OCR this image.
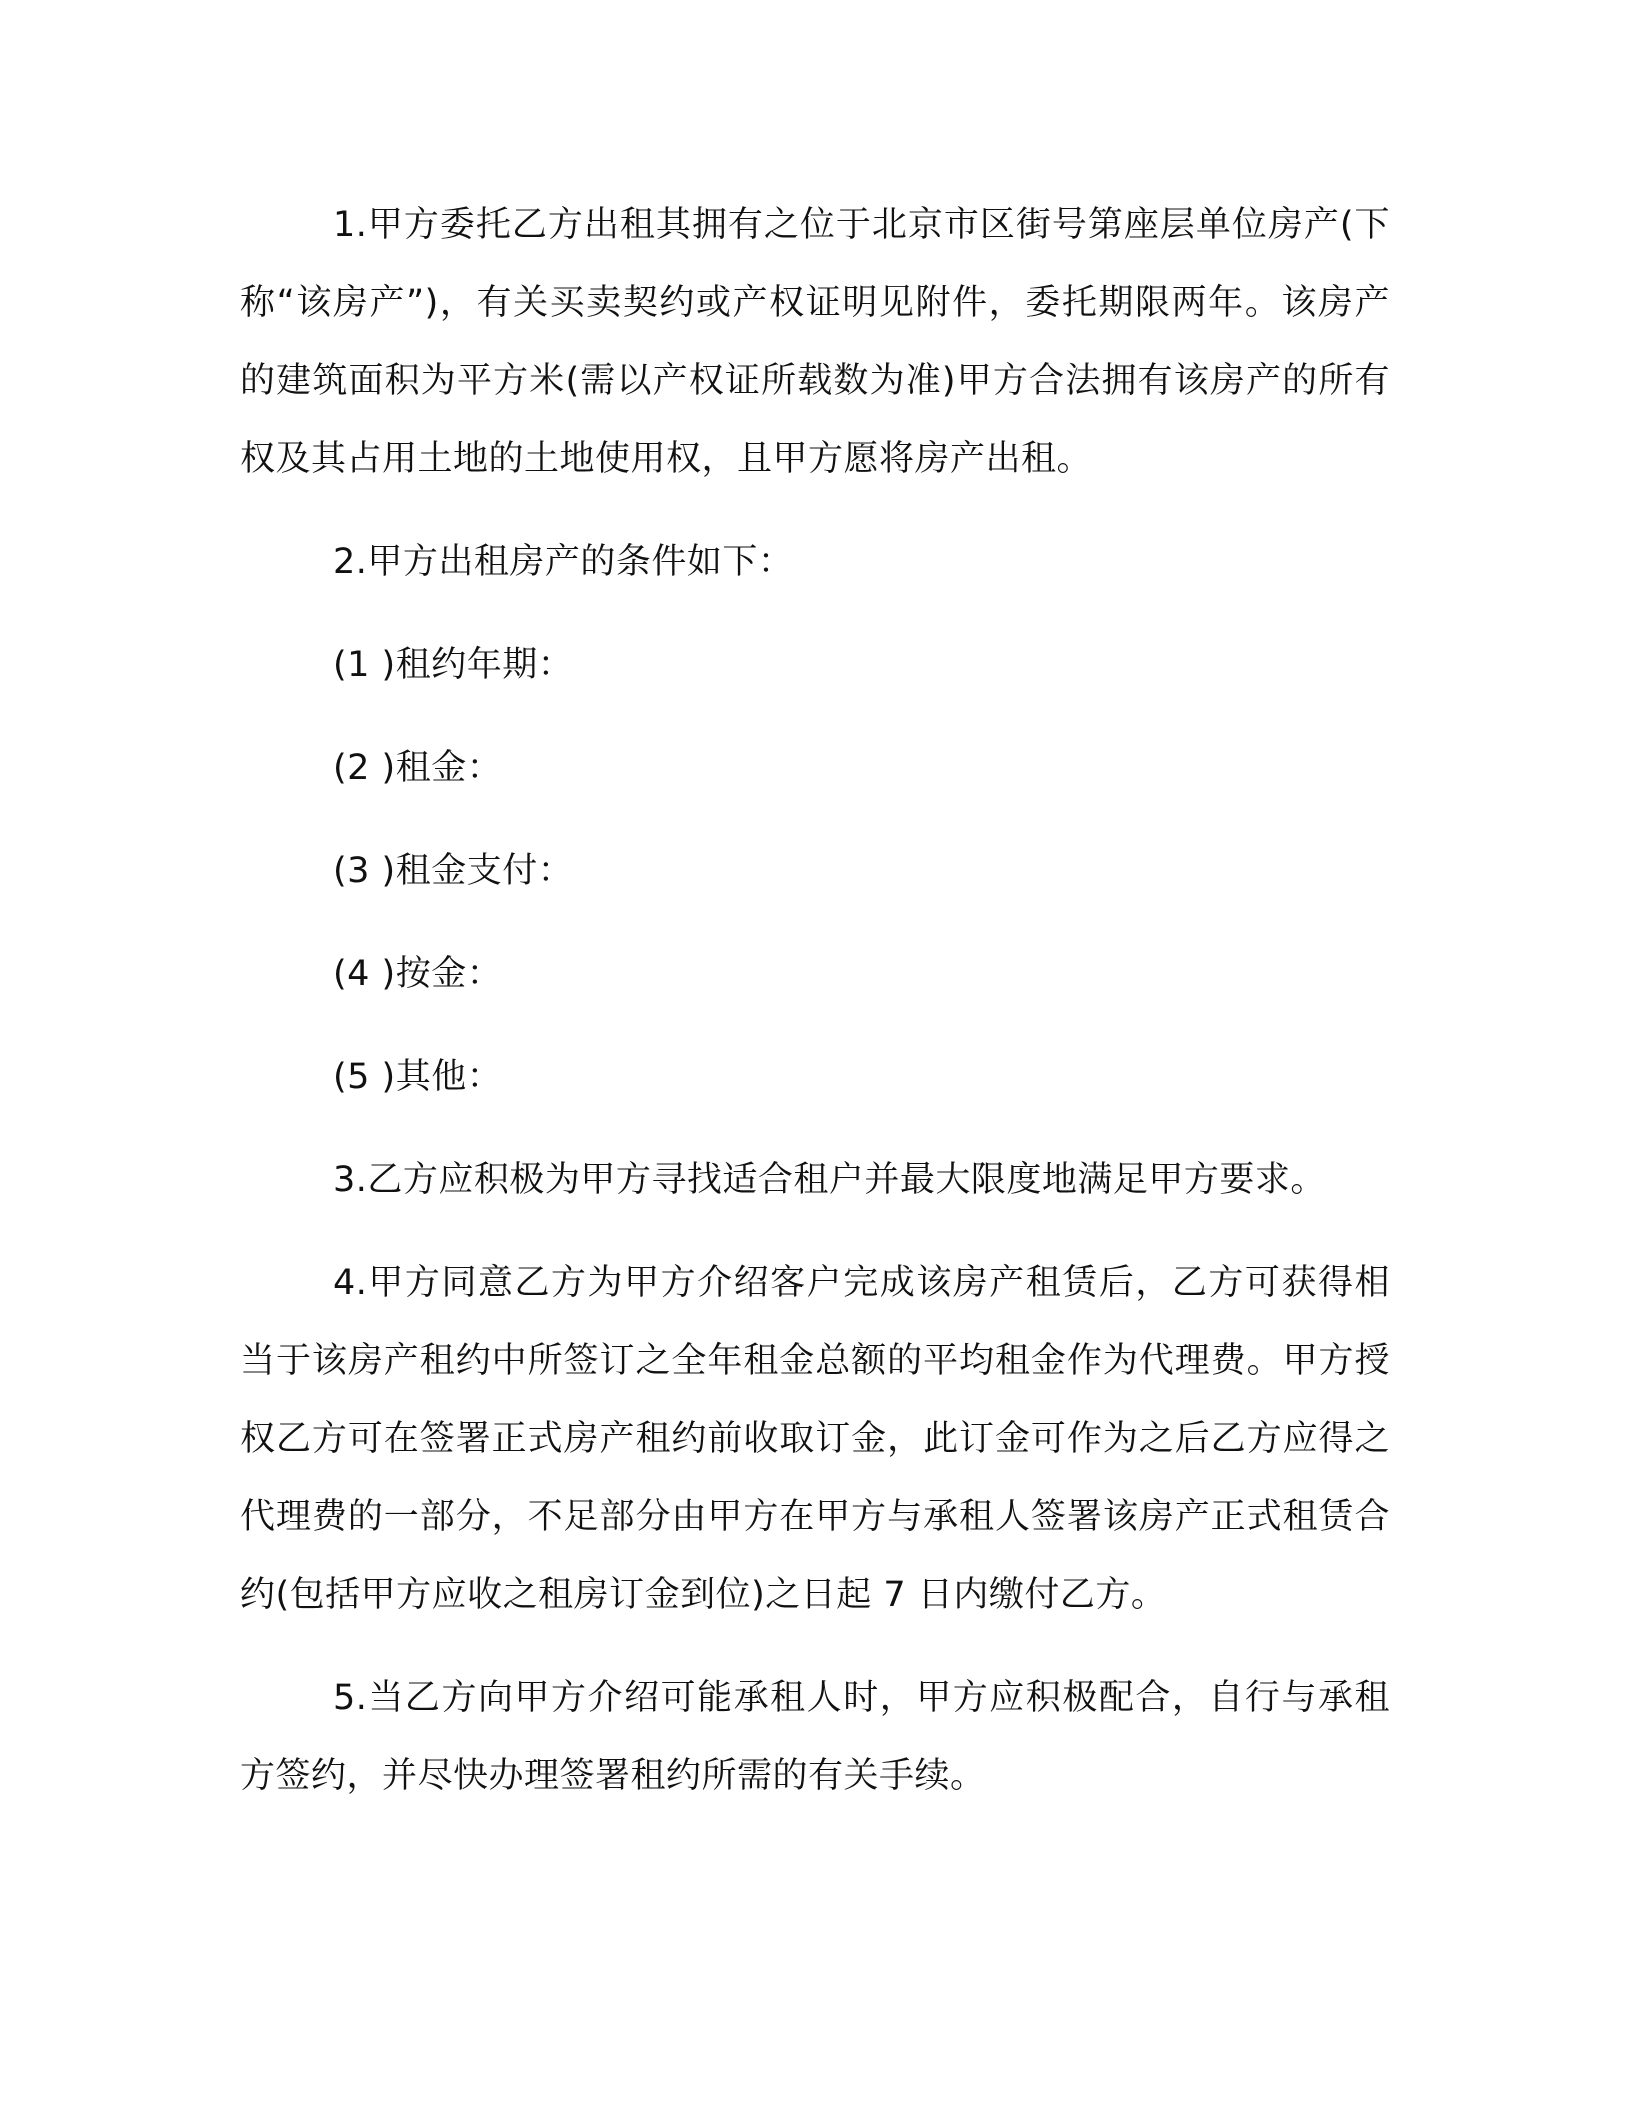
1.甲方委托乙方出租其拥有之位于北京市区街号第座层单位房产(下称“该房产”)，有关买卖契约或产权证明见附件，委托期限两年。该房产的建筑面积为平方米(需以产权证所载数为准)甲方合法拥有该房产的所有权及其占用土地的土地使用权，且甲方愿将房产出租。

2.甲方出租房产的条件如下：

(1 )租约年期：

(2 )租金：

(3 )租金支付：

(4 )按金：

(5 )其他：

3.乙方应积极为甲方寻找适合租户并最大限度地满足甲方要求。

4.甲方同意乙方为甲方介绍客户完成该房产租赁后，乙方可获得相当于该房产租约中所签订之全年租金总额的平均租金作为代理费。甲方授权乙方可在签署正式房产租约前收取订金，此订金可作为之后乙方应得之代理费的一部分，不足部分由甲方在甲方与承租人签署该房产正式租赁合约(包括甲方应收之租房订金到位)之日起 7 日内缴付乙方。

5.当乙方向甲方介绍可能承租人时，甲方应积极配合，自行与承租方签约，并尽快办理签署租约所需的有关手续。
